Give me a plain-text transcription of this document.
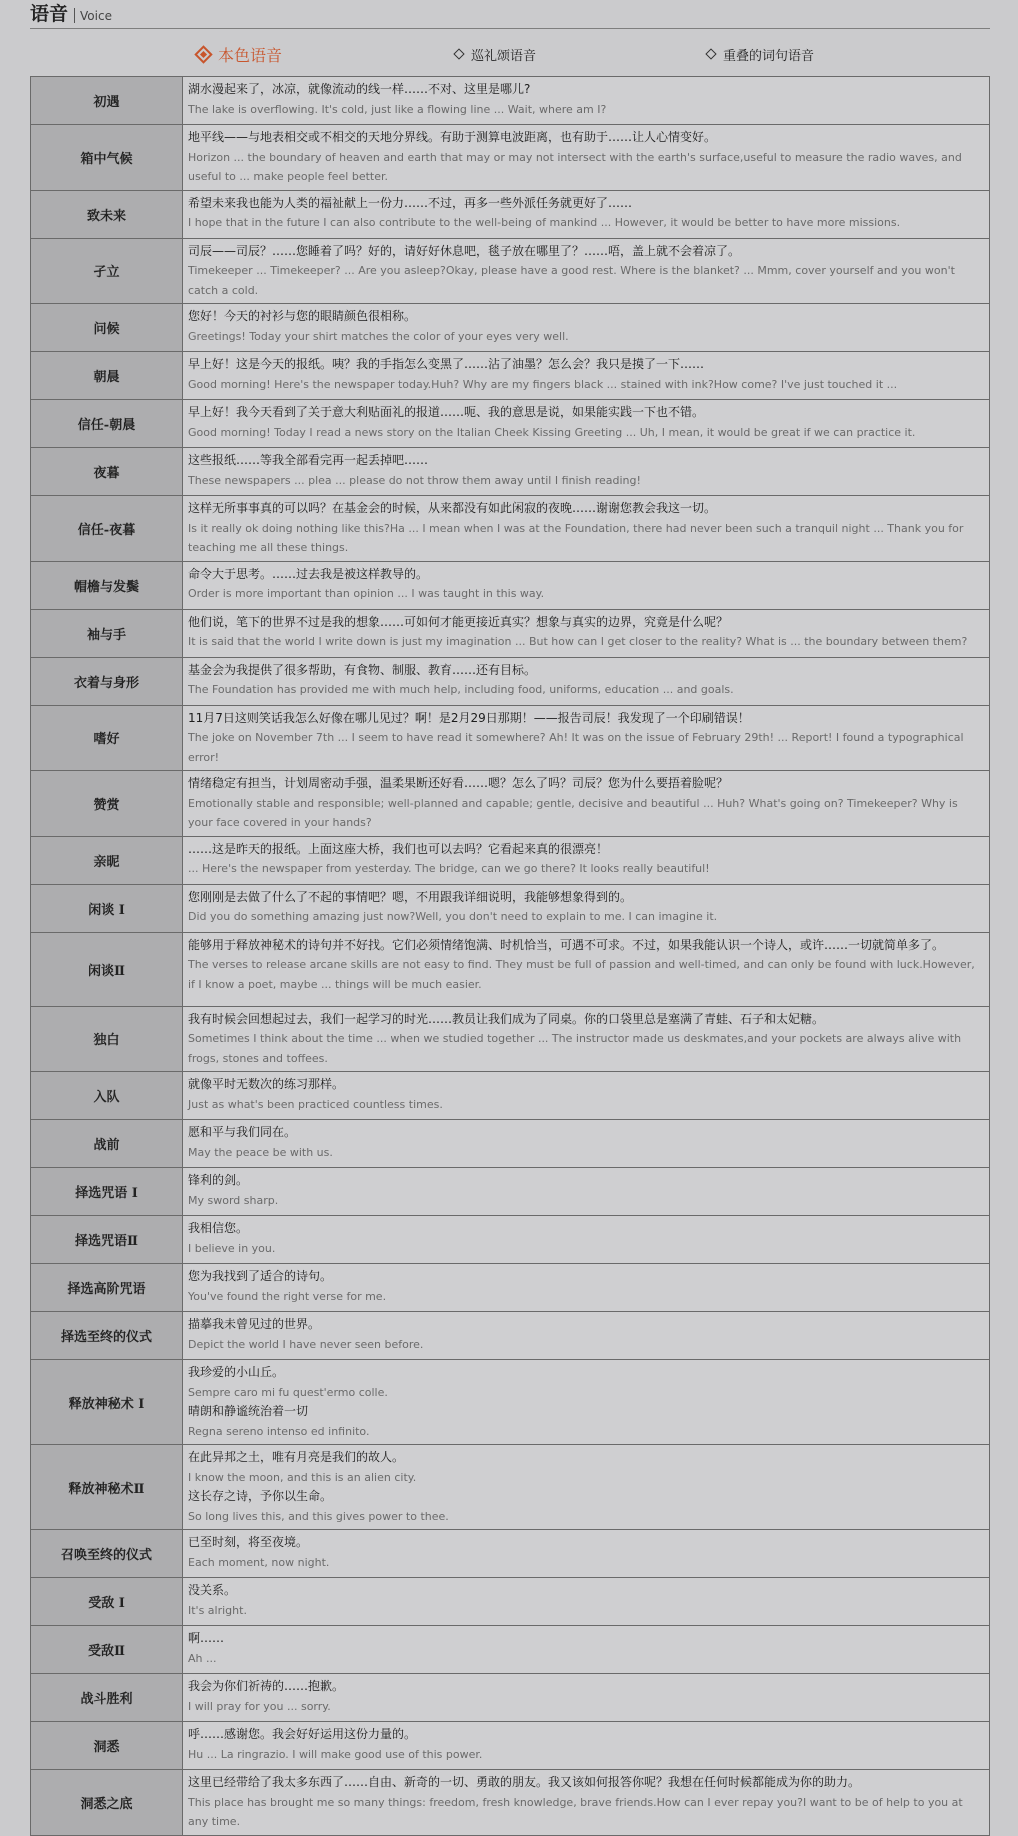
语音 Voice
本色语音	巡礼颂语音	重叠的词句语音
初遇	湖水漫起来了，冰凉，就像流动的线一样……不对、这里是哪儿?
The lake is overflowing. It's cold, just like a flowing line ... Wait, where am I?

箱中气候	地平线——与地表相交或不相交的天地分界线。有助于测算电波距离，也有助于……让人心情变好。
Horizon ... the boundary of heaven and earth that may or may not intersect with the earth's surface,useful to measure the radio waves, and useful to ... make people feel better.

致未来	希望未来我也能为人类的福祉献上一份力……不过，再多一些外派任务就更好了……
I hope that in the future I can also contribute to the well-being of mankind ... However, it would be better to have more missions.

孑立	司辰——司辰？……您睡着了吗？好的，请好好休息吧，毯子放在哪里了？……唔，盖上就不会着凉了。
Timekeeper ... Timekeeper? ... Are you asleep?Okay, please have a good rest. Where is the blanket? ... Mmm, cover yourself and you won't catch a cold.

问候	您好！今天的衬衫与您的眼睛颜色很相称。
Greetings! Today your shirt matches the color of your eyes very well.

朝晨	早上好！这是今天的报纸。咦？我的手指怎么变黑了……沾了油墨？怎么会？我只是摸了一下……
Good morning! Here's the newspaper today.Huh? Why are my fingers black ... stained with ink?How come? I've just touched it ...

信任-朝晨	早上好！我今天看到了关于意大利贴面礼的报道……呃、我的意思是说，如果能实践一下也不错。
Good morning! Today I read a news story on the Italian Cheek Kissing Greeting ... Uh, I mean, it would be great if we can practice it.

夜暮	这些报纸……等我全部看完再一起丢掉吧……
These newspapers ... plea ... please do not throw them away until I finish reading!

信任-夜暮	这样无所事事真的可以吗？在基金会的时候，从来都没有如此闲寂的夜晚……谢谢您教会我这一切。
Is it really ok doing nothing like this?Ha ... I mean when I was at the Foundation, there had never been such a tranquil night ... Thank you for teaching me all these things.

帽檐与发鬓	命令大于思考。……过去我是被这样教导的。
Order is more important than opinion ... I was taught in this way.

袖与手	他们说，笔下的世界不过是我的想象……可如何才能更接近真实？想象与真实的边界，究竟是什么呢？
It is said that the world I write down is just my imagination ... But how can I get closer to the reality? What is ... the boundary between them?

衣着与身形	基金会为我提供了很多帮助，有食物、制服、教育……还有目标。
The Foundation has provided me with much help, including food, uniforms, education ... and goals.

嗜好	11月7日这则笑话我怎么好像在哪儿见过？啊！是2月29日那期！——报告司辰！我发现了一个印刷错误！
The joke on November 7th ... I seem to have read it somewhere? Ah! It was on the issue of February 29th! ... Report! I found a typographical error!

赞赏	情绪稳定有担当，计划周密动手强，温柔果断还好看……嗯？怎么了吗？司辰？您为什么要捂着脸呢？
Emotionally stable and responsible; well-planned and capable; gentle, decisive and beautiful ... Huh? What's going on? Timekeeper? Why is your face covered in your hands?

亲昵	……这是昨天的报纸。上面这座大桥，我们也可以去吗？它看起来真的很漂亮！
... Here's the newspaper from yesterday. The bridge, can we go there? It looks really beautiful!

闲谈 I	您刚刚是去做了什么了不起的事情吧？嗯，不用跟我详细说明，我能够想象得到的。
Did you do something amazing just now?Well, you don't need to explain to me. I can imagine it.

闲谈Ⅱ	能够用于释放神秘术的诗句并不好找。它们必须情绪饱满、时机恰当，可遇不可求。不过，如果我能认识一个诗人，或许……一切就简单多了。
The verses to release arcane skills are not easy to find. They must be full of passion and well-timed, and can only be found with luck.However, if I know a poet, maybe ... things will be much easier.

独白	我有时候会回想起过去，我们一起学习的时光……教员让我们成为了同桌。你的口袋里总是塞满了青蛙、石子和太妃糖。
Sometimes I think about the time ... when we studied together ... The instructor made us deskmates,and your pockets are always alive with frogs, stones and toffees.

入队	就像平时无数次的练习那样。
Just as what's been practiced countless times.

战前	愿和平与我们同在。
May the peace be with us.

择选咒语 I	锋利的剑。
My sword sharp.

择选咒语Ⅱ	我相信您。
I believe in you.

择选高阶咒语	您为我找到了适合的诗句。
You've found the right verse for me.

择选至终的仪式	描摹我未曾见过的世界。
Depict the world I have never seen before.

释放神秘术 I	我珍爱的小山丘。
Sempre caro mi fu quest'ermo colle.
晴朗和静谧统治着一切
Regna sereno intenso ed infinito.

释放神秘术Ⅱ	在此异邦之土，唯有月亮是我们的故人。
I know the moon, and this is an alien city.
这长存之诗，予你以生命。
So long lives this, and this gives power to thee.

召唤至终的仪式	已至时刻，将至夜境。
Each moment, now night.

受敌 I	没关系。
It's alright.

受敌Ⅱ	啊……
Ah ...

战斗胜利	我会为你们祈祷的……抱歉。
I will pray for you ... sorry.

洞悉	呼……感谢您。我会好好运用这份力量的。
Hu ... La ringrazio. I will make good use of this power.

洞悉之底	这里已经带给了我太多东西了……自由、新奇的一切、勇敢的朋友。我又该如何报答你呢？我想在任何时候都能成为你的助力。
This place has brought me so many things: freedom, fresh knowledge, brave friends.How can I ever repay you?I want to be of help to you at any time.
